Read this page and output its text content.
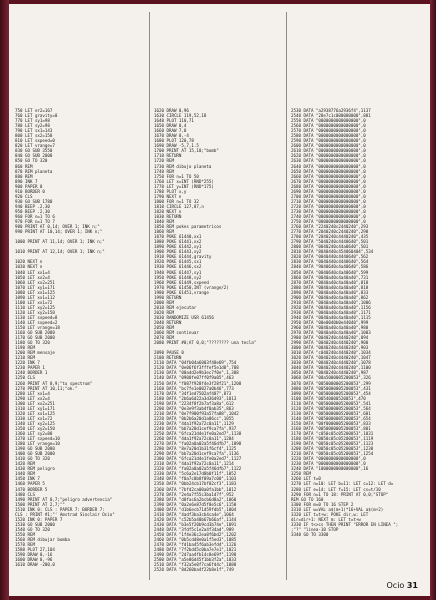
750 LET er2=167
760 LET gravity=0
770 LET sy1=98
780 LET sy2=98
790 LET sx1=143
800 LET sx2=150
810 LET sxpeed=0
820 LET vrange=7
830 GO SUB 3550
840 GO SUB 2000
850 GO TO 320
860 REM
870 REM planeta
880 REM
890 INK 7
900 PAPER 0
910 BORDER 0
920 CLS
930 GO SUB 1780
940 BEEP .2,30
950 BEEP .2,30
960 FOR n=1 TO 6
970 FOR n=1 TO 7
980 PRINT AT 0,14; OVER 1; INK n;"
990 PRINT AT 10,14; OVER 1; INK n;"

1000 PRINT AT 11,14; OVER 1; INK n;"

1010 PRINT AT 12,14; OVER 1; INK n;"

1020 NEXT n
1030 NEXT n
1040 LET xx1=4
1050 LET xx2=4
1060 LET xx2=251
1070 LET xy1=171
1080 LET xx1=125
1090 LET xx1=112
1100 LET xx1=72
1110 LET xy2=125
1120 LET xy2=150
1130 LET sxpeed=8
1140 LET sxpeed=2
1150 LET vrange=18
1160 GO SUB 2080
1170 GO SUB 2000
1180 GO TO 320
1190 REM
1200 REM mensaje
1210 REM
1220 INK 7
1230 PAPER 1
1240 BORDER 1
1250 CLS
1260 PRINT AT 0,9;"tu spectrum"
1270 PRINT AT 10,11;"ok."
1280 LET xx1=4
1290 LET xx2=4
1300 LET xx2=251
1310 LET xy1=171
1320 LET xx1=125
1330 LET xx1=72
1340 LET xy2=125
1350 LET xy2=150
1360 LET sy2=80
1370 LET sxpeed=10
1380 LET vrange=10
1390 GO SUB 2080
1400 GO SUB 2000
1410 GO TO 320
1420 REM
1430 REM peligro
1440 REM
1450 INK 7
1460 PAPER 5
1470 BORDER 5
1480 CLS
1490 PRINT AT 0,7;"peligro advertencia"
1500 PRINT AT 2,7;""
1510 INK 0: CLS : PAPER 7: BORDER 7:
CLS : PRINT #1;"' Amstrad Sinclair Ocio"
1520 INK 0: PAPER 7
1530 GO SUB 2000
1540 GO TO 320
1550 REM
1560 REM dibujar bomba
1570 REM
1580 PLOT 27,104
1590 DRAW 0,-16
1600 DRAW 0,-96
1610 DRAW -200,0
1620 DRAW 0,96
1630 CIRCLE 119,52,18
1640 PLOT 110,71
1650 DRAW 0,4
1660 DRAW 7,0
1670 DRAW 0,-4
1680 PLOT 120,78
1690 DRAW -5,7,1.5
1700 PRINT AT 15,10;"bomb"
1710 RETURN
1720 REM
1730 REM dibujo planeta
1740 REM
1750 FOR n=1 TO 50
1760 LET x=INT (RND*255)
1770 LET y=INT (RND*175)
1780 PLOT x,y
1790 NEXT n
1800 FOR n=1 TO 32
1810 CIRCLE 127,87,n
1820 NEXT n
1830 RETURN
1840 REM
1850 REM pokes parametricos
1860 REM
1870 POKE 61440,xx1
1880 POKE 61441,xx2
1890 POKE 61442,xy1
1900 POKE 61443,xy2
1910 POKE 61444,gravity
1920 POKE 61445,sx1
1930 POKE 61446,sx2
1940 POKE 61447,sy1
1950 POKE 61448,sy2
1960 POKE 61449,sxpeed
1970 POKE 61450,INT (vrange/2)
1980 POKE 61451,vrange
1990 RETURN
2000 REM
2010 REM ejecutar
2020 REM
2030 RANDOMIZE USR 61456
2040 RETURN
2050 REM
2060 REM continuar
2070 REM
2080 PRINT #0;AT 0,0;"???????? una tecla"

2090 PAUSE 0
2100 RETURN
2110 DATA "04fb04a6003f48e69",754
2120 DATA "0e06f6f3fffef5e1d8",788
2130 DATA "00a4d2e9b3ec7f0e",1,388
2140 DATA "0900fe07ff0f9a05",463
2150 DATA "f087f928f4e3f28f21",1208
2160 DATA "bc7fe1e0027a0b46",773
2170 DATA "34f1ed7502af487",873
2180 DATA "2b6a6d22a3d36d93",1013
2190 DATA "2234f8f2b7af3a8a",612
2200 DATA "0e3e9f3ab4f0ab35",863
2210 DATA "0e7f900f93a57fa88",1042
2220 DATA "0b2b6a20d1a86cc",1055
2230 DATA "4da1f92a72c0a11",1129
2240 DATA "bb7a20d1cef9ca7fa",937
2250 DATA "6fca21d4e1fe0a2ed7",1138
2260 DATA "4da1f92a72c0a11",1204
2270 DATA "fa02a0a02a5f46dfb7",1098
2280 DATA "8e7a20d1b31f6cf4",1125
2290 DATA "bb7a20d1cef9ca7fa",1136
2300 DATA "6fca21d4e1fe0a2ed7",1127
2310 DATA "4da1f92a72c0a11",1214
2320 DATA "fa02a0a02a5f46dfb7",1122
2330 DATA "5c6a2e17d8b0f11f",1052
2340 DATA "f0a7c0b8f09a7c00",1103
2350 DATA "0bb24cb17bf02cf3",1183
2360 DATA "7bfd2ca00a0fa1bb",1012
2370 DATA "2e4a7f55c3ba1d7f",952
2380 DATA "d0fac6a2bcb6d8a2",1060
2390 DATA "0a2e6e87d5f8e5c6",1150
2400 DATA "d1b6ecb71d59fdb5",1004
2410 DATA "4adf3ba3cb4ca4e",1064
2420 DATA "c52b5a40b67b66af",1144
2430 DATA "b3e5f20b9cd3b74e",1091
2440 DATA "3fdf5c1e2a4f34ad",989
2450 DATA "1f4e36c2ea8f6bd2",1202
2460 DATA "0b5cdd8e0a1f5ed3",1085
2470 DATA "fd1ba45f6ab3efd4",1126
2480 DATA "7f2bd45c0ba7e7e1",1021
2490 DATA "2d7aa4fb14c8e69f",1198
2500 DATA "a5e86d45f1bb3f2a",1033
2510 DATA "f32a5e0f7ca6fd4c",1088
2520 DATA "8d260ba4f22b8e1f",749
2530 DATA "a2938776a2936f4",1137
2540 DATA "28e7c1c000000000",881
2550 DATA "0000000000000000",0
2560 DATA "0000000000000000",0
2570 DATA "0000000000000000",0
2580 DATA "0000000000000000",0
2590 DATA "0000000000000000",0
2600 DATA "0000000000000000",0
2610 DATA "0000000000000000",0
2620 DATA "0000000000000000",0
2630 DATA "0000000000000000",0
2640 DATA "0000000000000000",0
2650 DATA "0000000000000000",0
2660 DATA "0000000000000000",0
2670 DATA "0000000000000000",0
2680 DATA "0000000000000000",0
2690 DATA "0000000000000000",0
2700 DATA "0000000000000000",0
2710 DATA "0000000000000000",0
2720 DATA "0000000000000000",0
2730 DATA "0000000000000000",0
2740 DATA "0000000000000000",0
2750 DATA "0000000000000000",0
2760 DATA "2240240c2440240",293
2770 DATA "2040240c2440240",290
2780 DATA "2040240c4440240",435
2790 DATA "5040240c4440640",501
2800 DATA "0040240c44a0640",501
2810 DATA "8040440c454060404",534
2820 DATA "0040440c4440640",562
2830 DATA "0040440c4440640",564
2840 DATA "9040640c4a40640",586
2850 DATA "0040640c4a40640",599
2860 DATA "0040a40c4a40a40",731
2870 DATA "0040a40c4a40a40",818
2880 DATA "0040a40c4a40a40",818
2890 DATA "0040a40c4a40a40",833
2900 DATA "0040a40c4a40a40",862
2910 DATA "0040a40c4a40a40",1006
2920 DATA "0040a40c4a40a40",1156
2930 DATA "0040a40c4a40a40",1171
2940 DATA "0040a40c4a40a40",1115
2950 DATA "00e0040b0e44040",999
2960 DATA "0040a40c4a40a40",980
2970 DATA "0040a40c4a40a40",1003
2980 DATA "0040240c4440240",894
2990 DATA "0040240c4440240",900
3000 DATA "0040240c4440240",903
3010 DATA "c040240c4440240",1034
3020 DATA "0040240c4440240",1047
3030 DATA "0040240c4440240",1078
3040 DATA "0040240c4440240",1100
3050 DATA "0040240c4440240",987
3060 DATA "00a5000005200053",326
3070 DATA "0050000005200053",299
3080 DATA "0050000005200053",431
3090 DATA "0050000005200053",454
3100 DATA "00540000520053",470
3110 DATA "0050000005200053",541
3120 DATA "0050000005200053",564
3130 DATA "0050000005200053",601
3140 DATA "0050000005200053",654
3150 DATA "00f0000005200053",833
3160 DATA "0050000005200053",801
3170 DATA "c050c05c05200053",1031
3180 DATA "0050c05c05200053",1119
3190 DATA "0050c05c05200053",1123
3200 DATA "0050c05c05200053",1238
3210 DATA "0050c05c05200053",1254
3220 DATA "0000000000000000",0
3230 DATA "0000000000000000",0
3240 DATA "1000000000000000",16
3250 REM
3260 LET t=0
3270 LET n=10: LET b=11: LET c=12: LET d=
3280 LET e=14: LET f=15: LET cs=t/10
3290 FOR n=1 TO 18: PRINT AT 0,0;"STOP"
REM GO TO 160
3300 FOR m=0 TO 16 STEP 2
3310 LET w=VAL a$(m+1)*16+VAL a$(m+2)
3320 LET t=t+w: POKE dir,w: LET
dir=dir+1: NEXT m: LET t=t+w
3330 IF t<>cs THEN PRINT "ERROR EN LINEA ";
;"?" "linea-10 STOP
3340 GO TO 3300
Ocio 31
